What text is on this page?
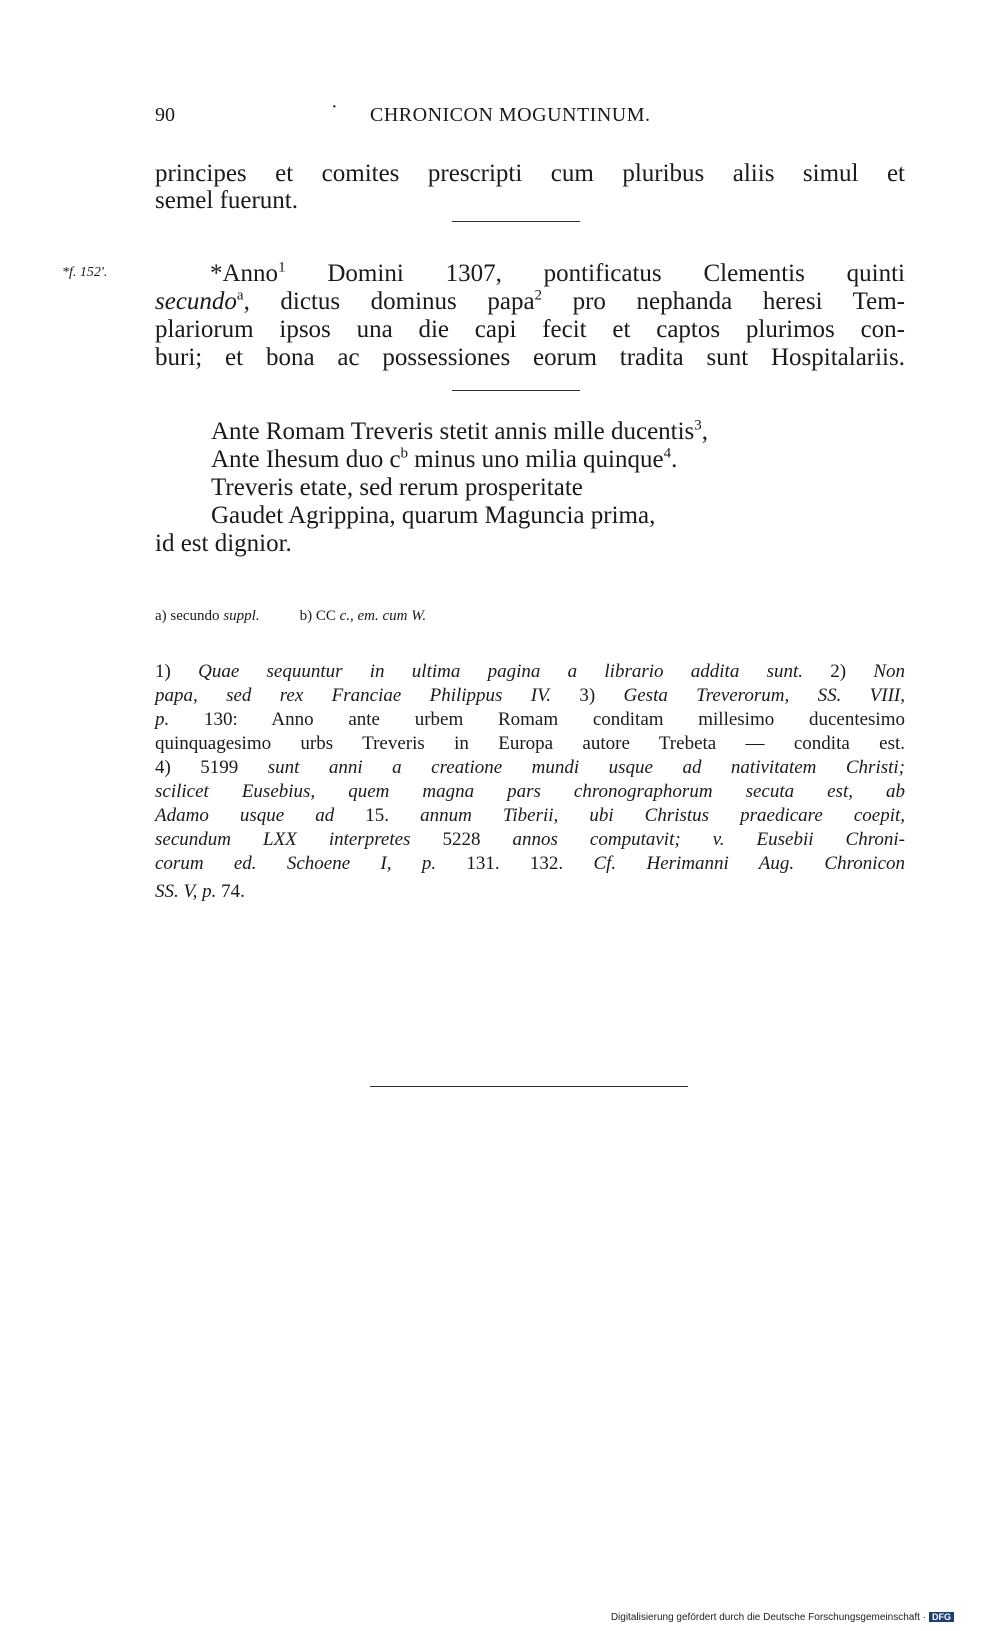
90	· CHRONICON MOGUNTINUM.
principes et comites prescripti cum pluribus aliis simul et
semel fuerunt.
*f. 152'.	*Anno$^1$ Domini 1307, pontificatus Clementis quinti
secundo$^a$, dictus dominus papa$^2$ pro nephanda heresi Tem-
plariorum ipsos una die capi fecit et captos plurimos con-
buri; et bona ac possessiones eorum tradita sunt Hospitalariis.
Ante Romam Treveris stetit annis mille ducentis$^3$,
Ante Ihesum duo $c^b$ minus uno milia quinque$^4$.
Treveris etate, sed rerum prosperitate
Gaudet Agrippina, quarum Maguncia prima,
id est dignior.
a) secundo suppl.	b) CC c., em. cum W.
1) Quae sequuntur in ultima pagina a librario addita sunt. 2) Non
papa, sed rex Franciae Philippus IV. 3) Gesta Treverorum, SS. VIII,
p. 130: Anno ante urbem Romam conditam millesimo ducentesimo
quinquagesimo urbs Treveris in Europa autore Trebeta — condita est.
4) 5199 sunt anni a creatione mundi usque ad nativitatem Christi;
scilicet Eusebius, quem magna pars chronographorum secuta est, ab
Adamo usque ad 15. annum Tiberii, ubi Christus praedicare coepit,
secundum LXX interpretes 5228 annos computavit; v. Eusebii Chroni-
corum ed. Schoene I, p. 131. 132. Cf. Herimanni Aug. Chronicon
SS. V, p. 74.
Digitalisierung gefördert durch die Deutsche Forschungsgemeinschaft · DFG
